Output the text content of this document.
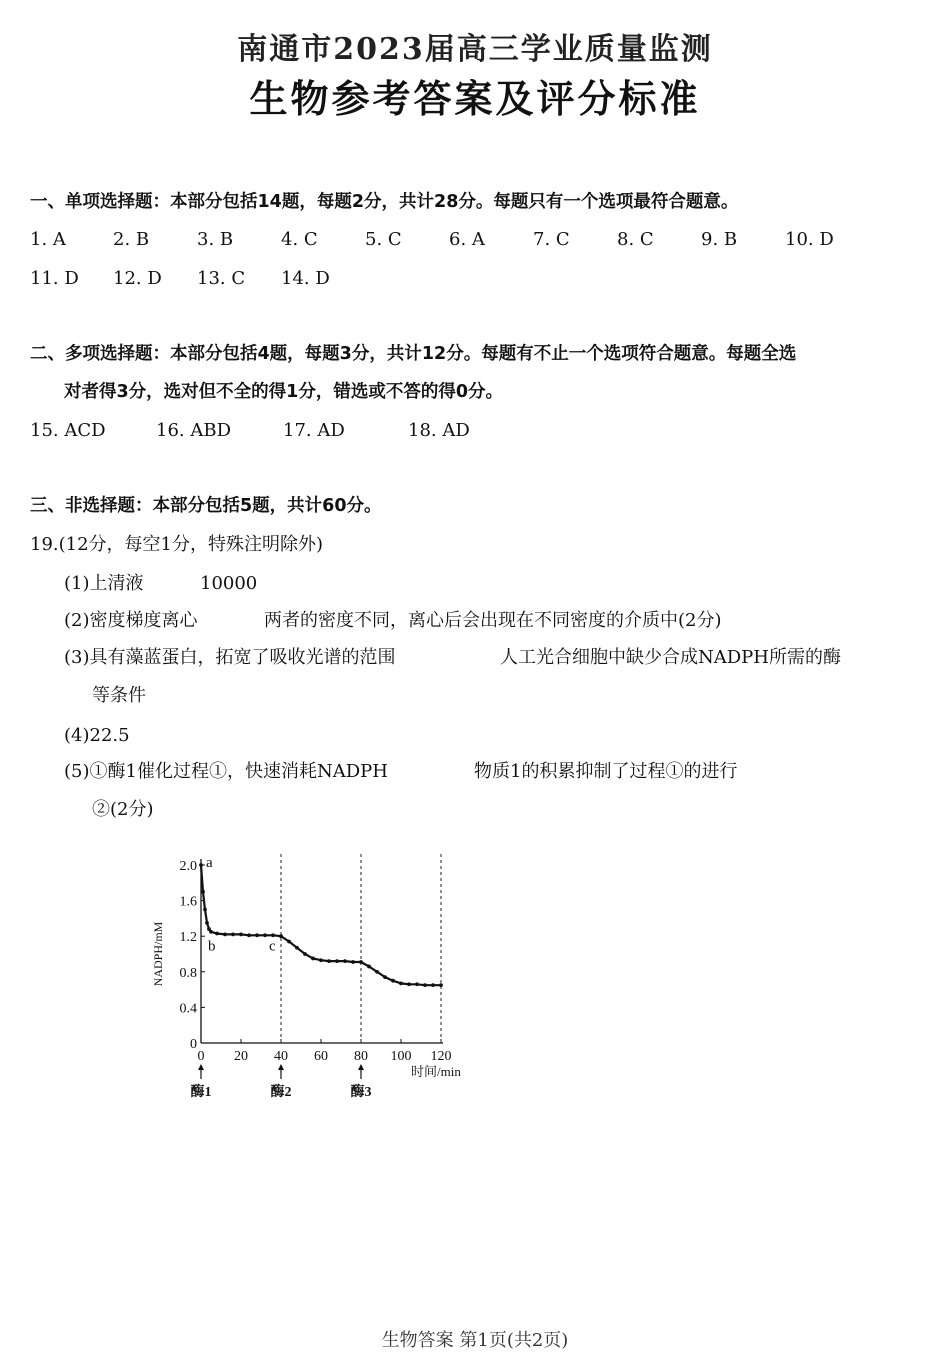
南通市2023届高三学业质量监测
生物参考答案及评分标准
一、单项选择题：本部分包括14题，每题2分，共计28分。每题只有一个选项最符合题意。
1. A	2. B	3. B	4. C	5. C	6. A	7. C	8. C	9. B	10. D
11. D 12. D 13. C 14. D
二、多项选择题：本部分包括4题，每题3分，共计12分。每题有不止一个选项符合题意。每题全选
对者得3分，选对但不全的得1分，错选或不答的得0分。
15. ACD	16. ABD	17. AD	18. AD
三、非选择题：本部分包括5题，共计60分。
19.(12分，每空1分，特殊注明除外)
(1)上清液	10000
(2)密度梯度离心	两者的密度不同，离心后会出现在不同密度的介质中(2分)
(3)具有藻蓝蛋白，拓宽了吸收光谱的范围	人工光合细胞中缺少合成NADPH所需的酶
等条件
(4)22.5
(5)①酶1催化过程①，快速消耗NADPH	物质1的积累抑制了过程①的进行
②(2分)
0
0.4
0.8
1.2
1.6
2.0
0 20 40 60 80 100 120
a
b	c
NADPH/mM
时间/min
酶1	酶2	酶3
生物答案 第1页(共2页)
